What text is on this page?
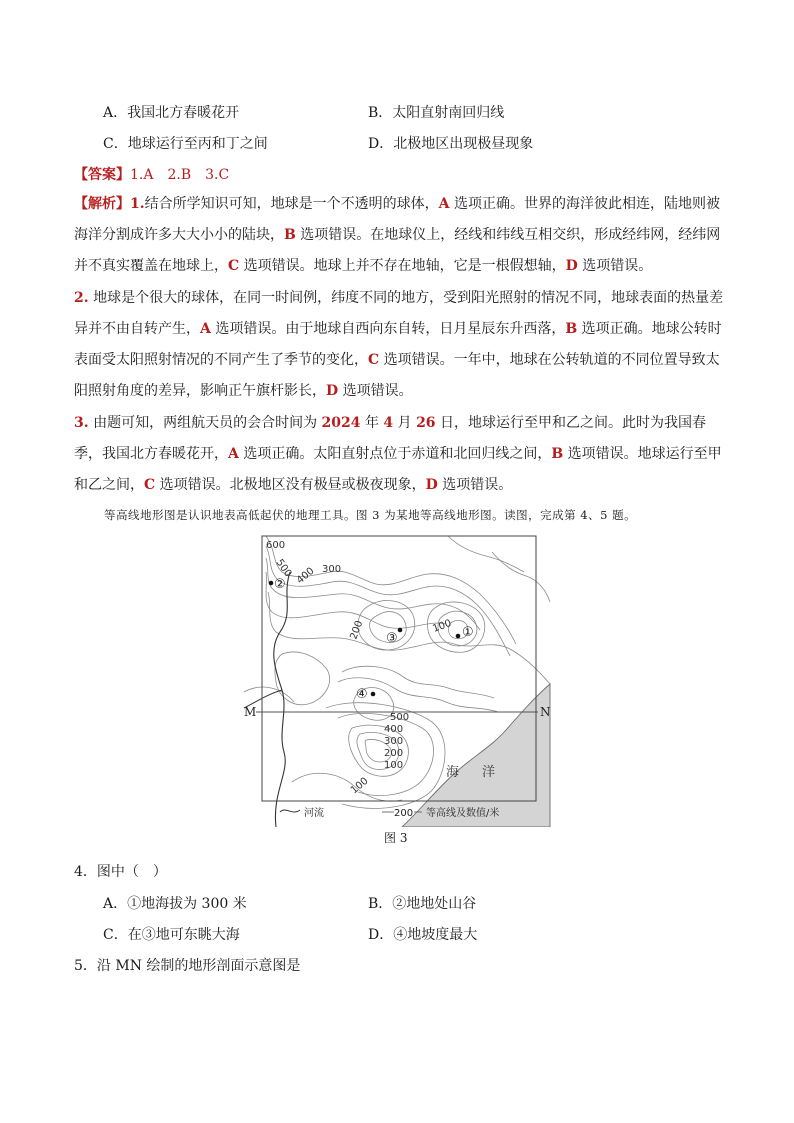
A．我国北方春暖花开	B．太阳直射南回归线
C．地球运行至丙和丁之间	D．北极地区出现极昼现象
【答案】1.A　2.B　3.C
【解析】1.结合所学知识可知，地球是一个不透明的球体，A 选项正确。世界的海洋彼此相连，陆地则被海洋分割成许多大大小小的陆块，B 选项错误。在地球仪上，经线和纬线互相交织，形成经纬网，经纬网并不真实覆盖在地球上，C 选项错误。地球上并不存在地轴，它是一根假想轴，D 选项错误。
2. 地球是个很大的球体，在同一时间例，纬度不同的地方，受到阳光照射的情况不同，地球表面的热量差异并不由自转产生，A 选项错误。由于地球自西向东自转，日月星辰东升西落，B 选项正确。地球公转时表面受太阳照射情况的不同产生了季节的变化，C 选项错误。一年中，地球在公转轨道的不同位置导致太阳照射角度的差异，影响正午旗杆影长，D 选项错误。
3. 由题可知，两组航天员的会合时间为 2024 年 4 月 26 日，地球运行至甲和乙之间。此时为我国春季，我国北方春暖花开，A 选项正确。太阳直射点位于赤道和北回归线之间，B 选项错误。地球运行至甲和乙之间，C 选项错误。北极地区没有极昼或极夜现象，D 选项错误。
等高线地形图是认识地表高低起伏的地理工具。图 3 为某地等高线地形图。读图，完成第 4、5 题。
600
500 400 300
200	100
500
400
300
200
100
100
②
③	①
④
海 洋
M	N
河流	200 等高线及数值/米
图 3
4．图中（　）
A．①地海拔为 300 米	B．②地地处山谷
C．在③地可东眺大海	D．④地坡度最大
5．沿 MN 绘制的地形剖面示意图是
